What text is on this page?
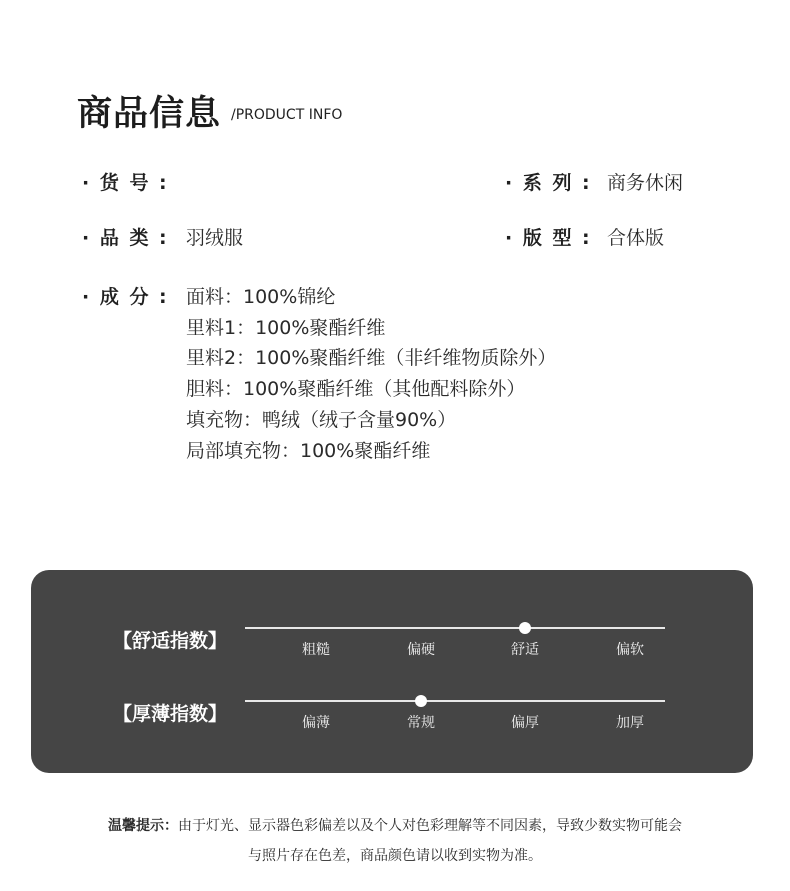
商品信息 /PRODUCT INFO
· 货 号 :	· 系 列 : 商务休闲
· 品 类 : 羽绒服	· 版 型 : 合体版
· 成 分 : 面料：100%锦纶
里料1：100%聚酯纤维
里料2：100%聚酯纤维（非纤维物质除外）
胆料：100%聚酯纤维（其他配料除外）
填充物：鸭绒（绒子含量90%）
局部填充物：100%聚酯纤维
【舒适指数】	粗糙	偏硬	舒适	偏软
【厚薄指数】	偏薄	常规	偏厚	加厚
温馨提示：由于灯光、显示器色彩偏差以及个人对色彩理解等不同因素，导致少数实物可能会
与照片存在色差，商品颜色请以收到实物为准。
